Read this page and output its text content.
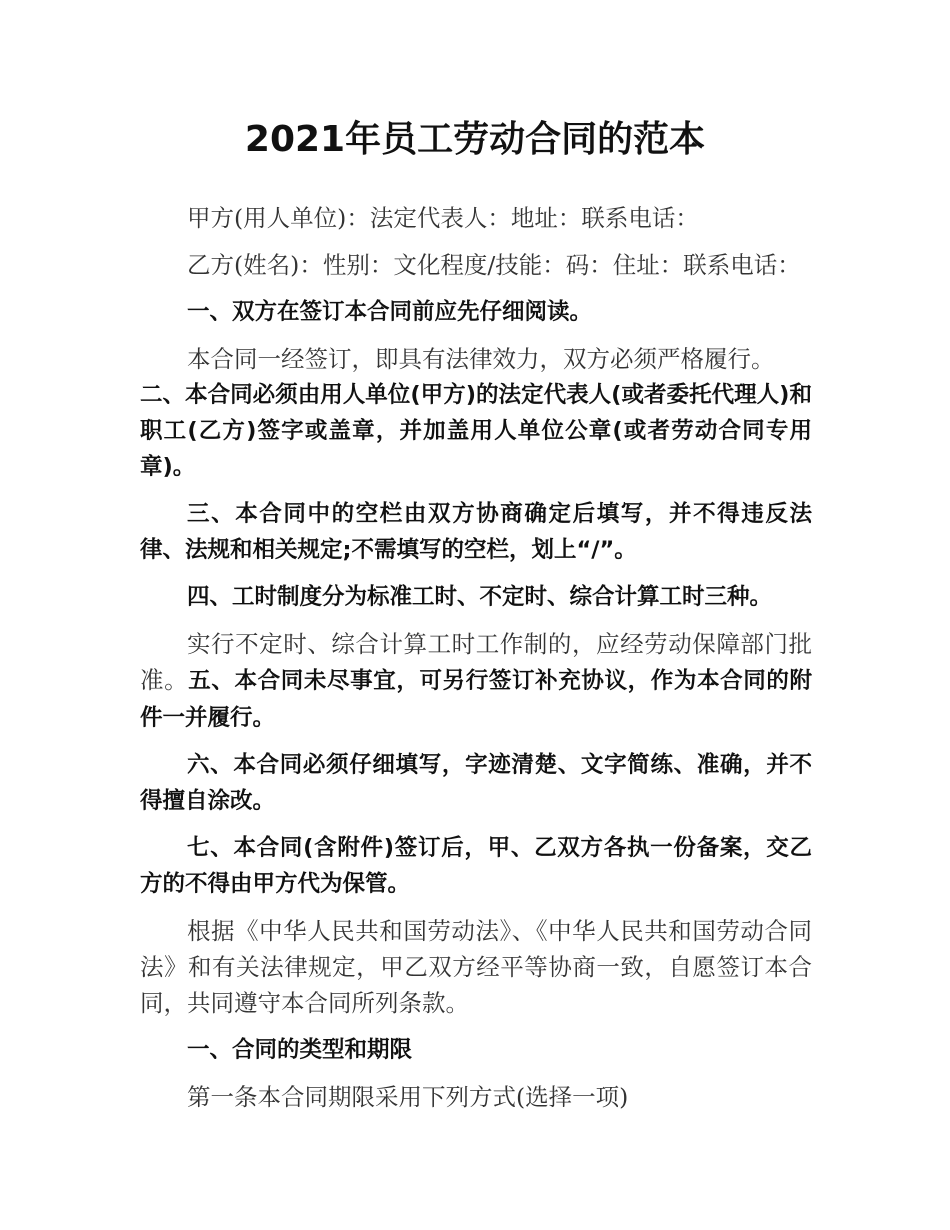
2021年员工劳动合同的范本

甲方(用人单位)：法定代表人：地址：联系电话：

乙方(姓名)：性别：文化程度/技能：码：住址：联系电话：

一、双方在签订本合同前应先仔细阅读。

本合同一经签订，即具有法律效力，双方必须严格履行。

二、本合同必须由用人单位(甲方)的法定代表人(或者委托代理人)和职工(乙方)签字或盖章，并加盖用人单位公章(或者劳动合同专用章)。

三、本合同中的空栏由双方协商确定后填写，并不得违反法律、法规和相关规定;不需填写的空栏，划上“/”。

四、工时制度分为标准工时、不定时、综合计算工时三种。

实行不定时、综合计算工时工作制的，应经劳动保障部门批准。五、本合同未尽事宜，可另行签订补充协议，作为本合同的附件一并履行。

六、本合同必须仔细填写，字迹清楚、文字简练、准确，并不得擅自涂改。

七、本合同(含附件)签订后，甲、乙双方各执一份备案，交乙方的不得由甲方代为保管。

根据《中华人民共和国劳动法》、《中华人民共和国劳动合同法》和有关法律规定，甲乙双方经平等协商一致，自愿签订本合同，共同遵守本合同所列条款。

一、合同的类型和期限

第一条本合同期限采用下列方式(选择一项)
